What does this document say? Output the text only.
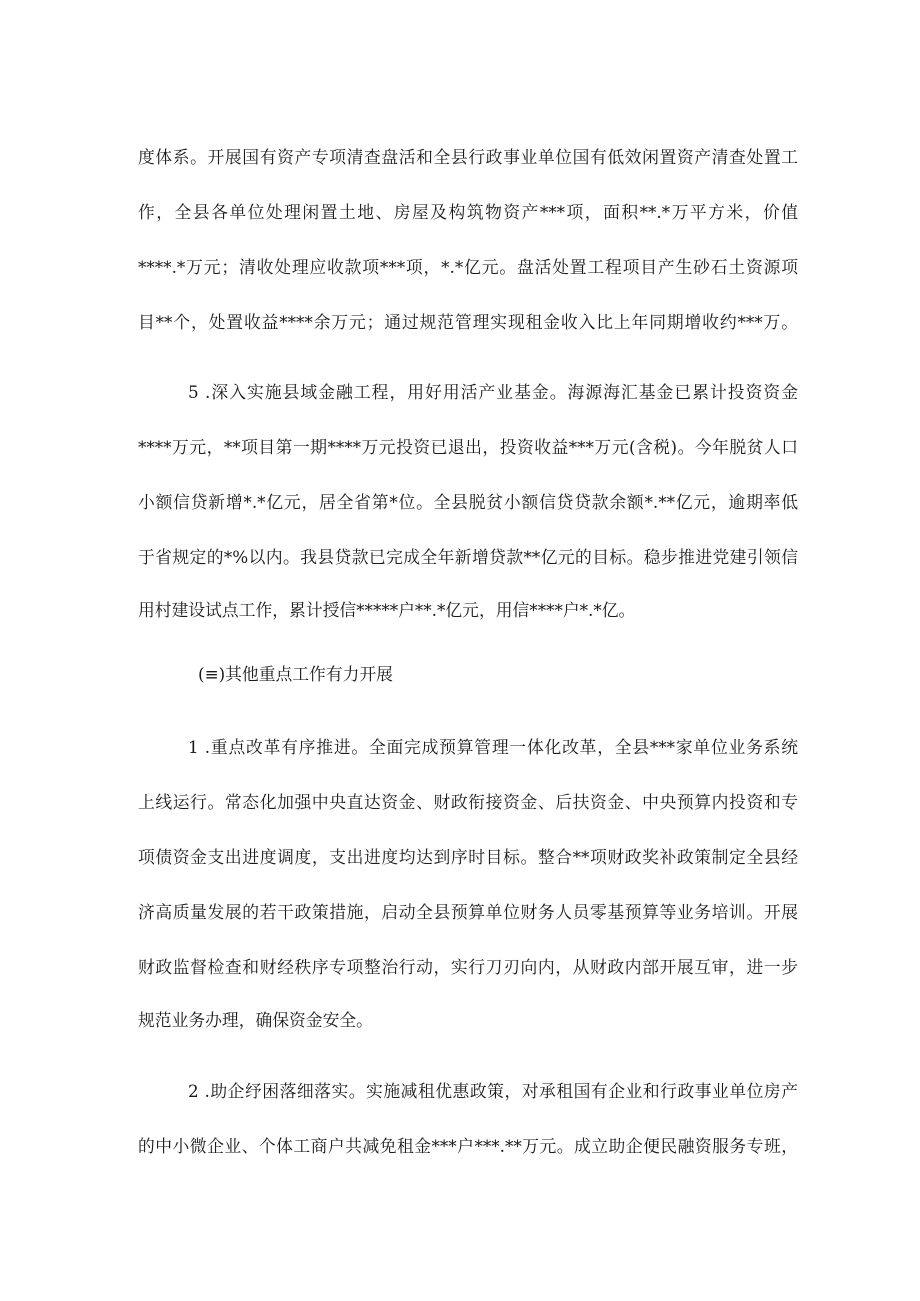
度体系。开展国有资产专项清查盘活和全县行政事业单位国有低效闲置资产清查处置工
作，全县各单位处理闲置土地、房屋及构筑物资产***项，面积**.*万平方米，价值
****.*万元；清收处理应收款项***项，*.*亿元。盘活处置工程项目产生砂石土资源项
目**个，处置收益****余万元；通过规范管理实现租金收入比上年同期增收约***万。
5 .深入实施县域金融工程，用好用活产业基金。海源海汇基金已累计投资资金
****万元，**项目第一期****万元投资已退出，投资收益***万元(含税)。今年脱贫人口
小额信贷新增*.*亿元，居全省第*位。全县脱贫小额信贷贷款余额*.**亿元，逾期率低
于省规定的*%以内。我县贷款已完成全年新增贷款**亿元的目标。稳步推进党建引领信
用村建设试点工作，累计授信*****户**.*亿元，用信****户*.*亿。
(≡)其他重点工作有力开展
1 .重点改革有序推进。全面完成预算管理一体化改革，全县***家单位业务系统
上线运行。常态化加强中央直达资金、财政衔接资金、后扶资金、中央预算内投资和专
项债资金支出进度调度，支出进度均达到序时目标。整合**项财政奖补政策制定全县经
济高质量发展的若干政策措施，启动全县预算单位财务人员零基预算等业务培训。开展
财政监督检查和财经秩序专项整治行动，实行刀刃向内，从财政内部开展互审，进一步
规范业务办理，确保资金安全。
2 .助企纾困落细落实。实施减租优惠政策，对承租国有企业和行政事业单位房产
的中小微企业、个体工商户共减免租金***户***.**万元。成立助企便民融资服务专班，
